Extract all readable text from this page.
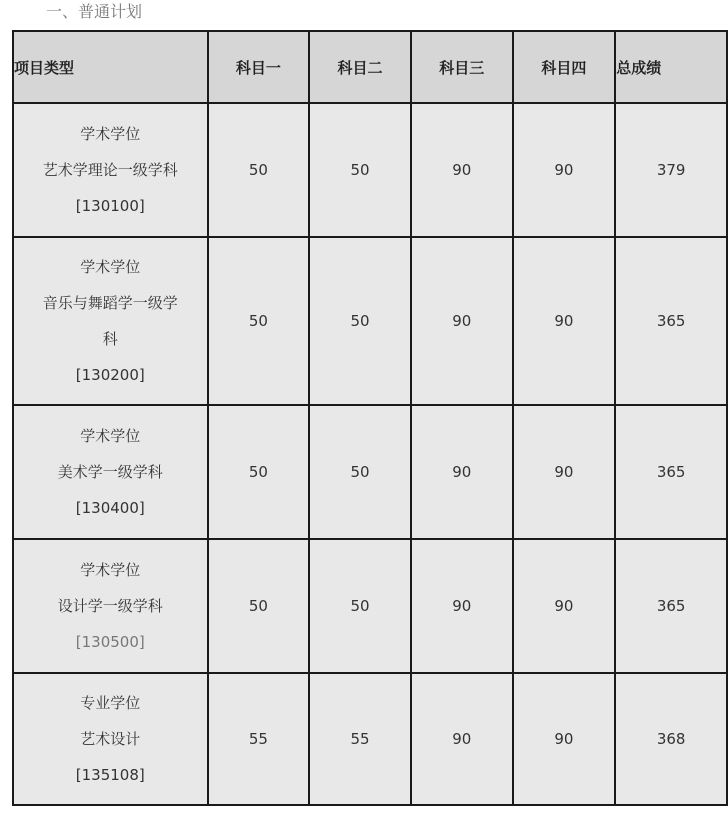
一、普通计划
项目类型	科目一	科目二	科目三	科目四	总成绩

学术学位
艺术学理论一级学科
[130100]	50	50	90	90	379

学术学位
音乐与舞蹈学一级学
科
[130200]	50	50	90	90	365

学术学位
美术学一级学科
[130400]	50	50	90	90	365

学术学位
设计学一级学科
[130500]	50	50	90	90	365

专业学位
艺术设计
[135108]	55	55	90	90	368
